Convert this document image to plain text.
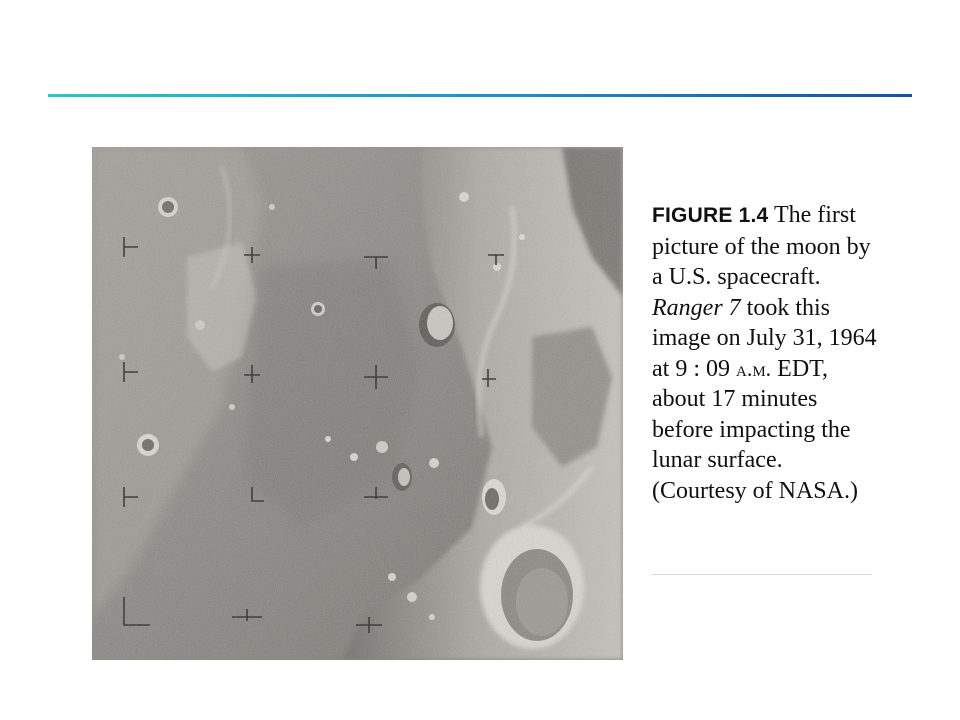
FIGURE 1.4 The first picture of the moon by a U.S. spacecraft. Ranger 7 took this image on July 31, 1964 at 9 : 09 a.m. EDT, about 17 minutes before impacting the lunar surface. (Courtesy of NASA.)
